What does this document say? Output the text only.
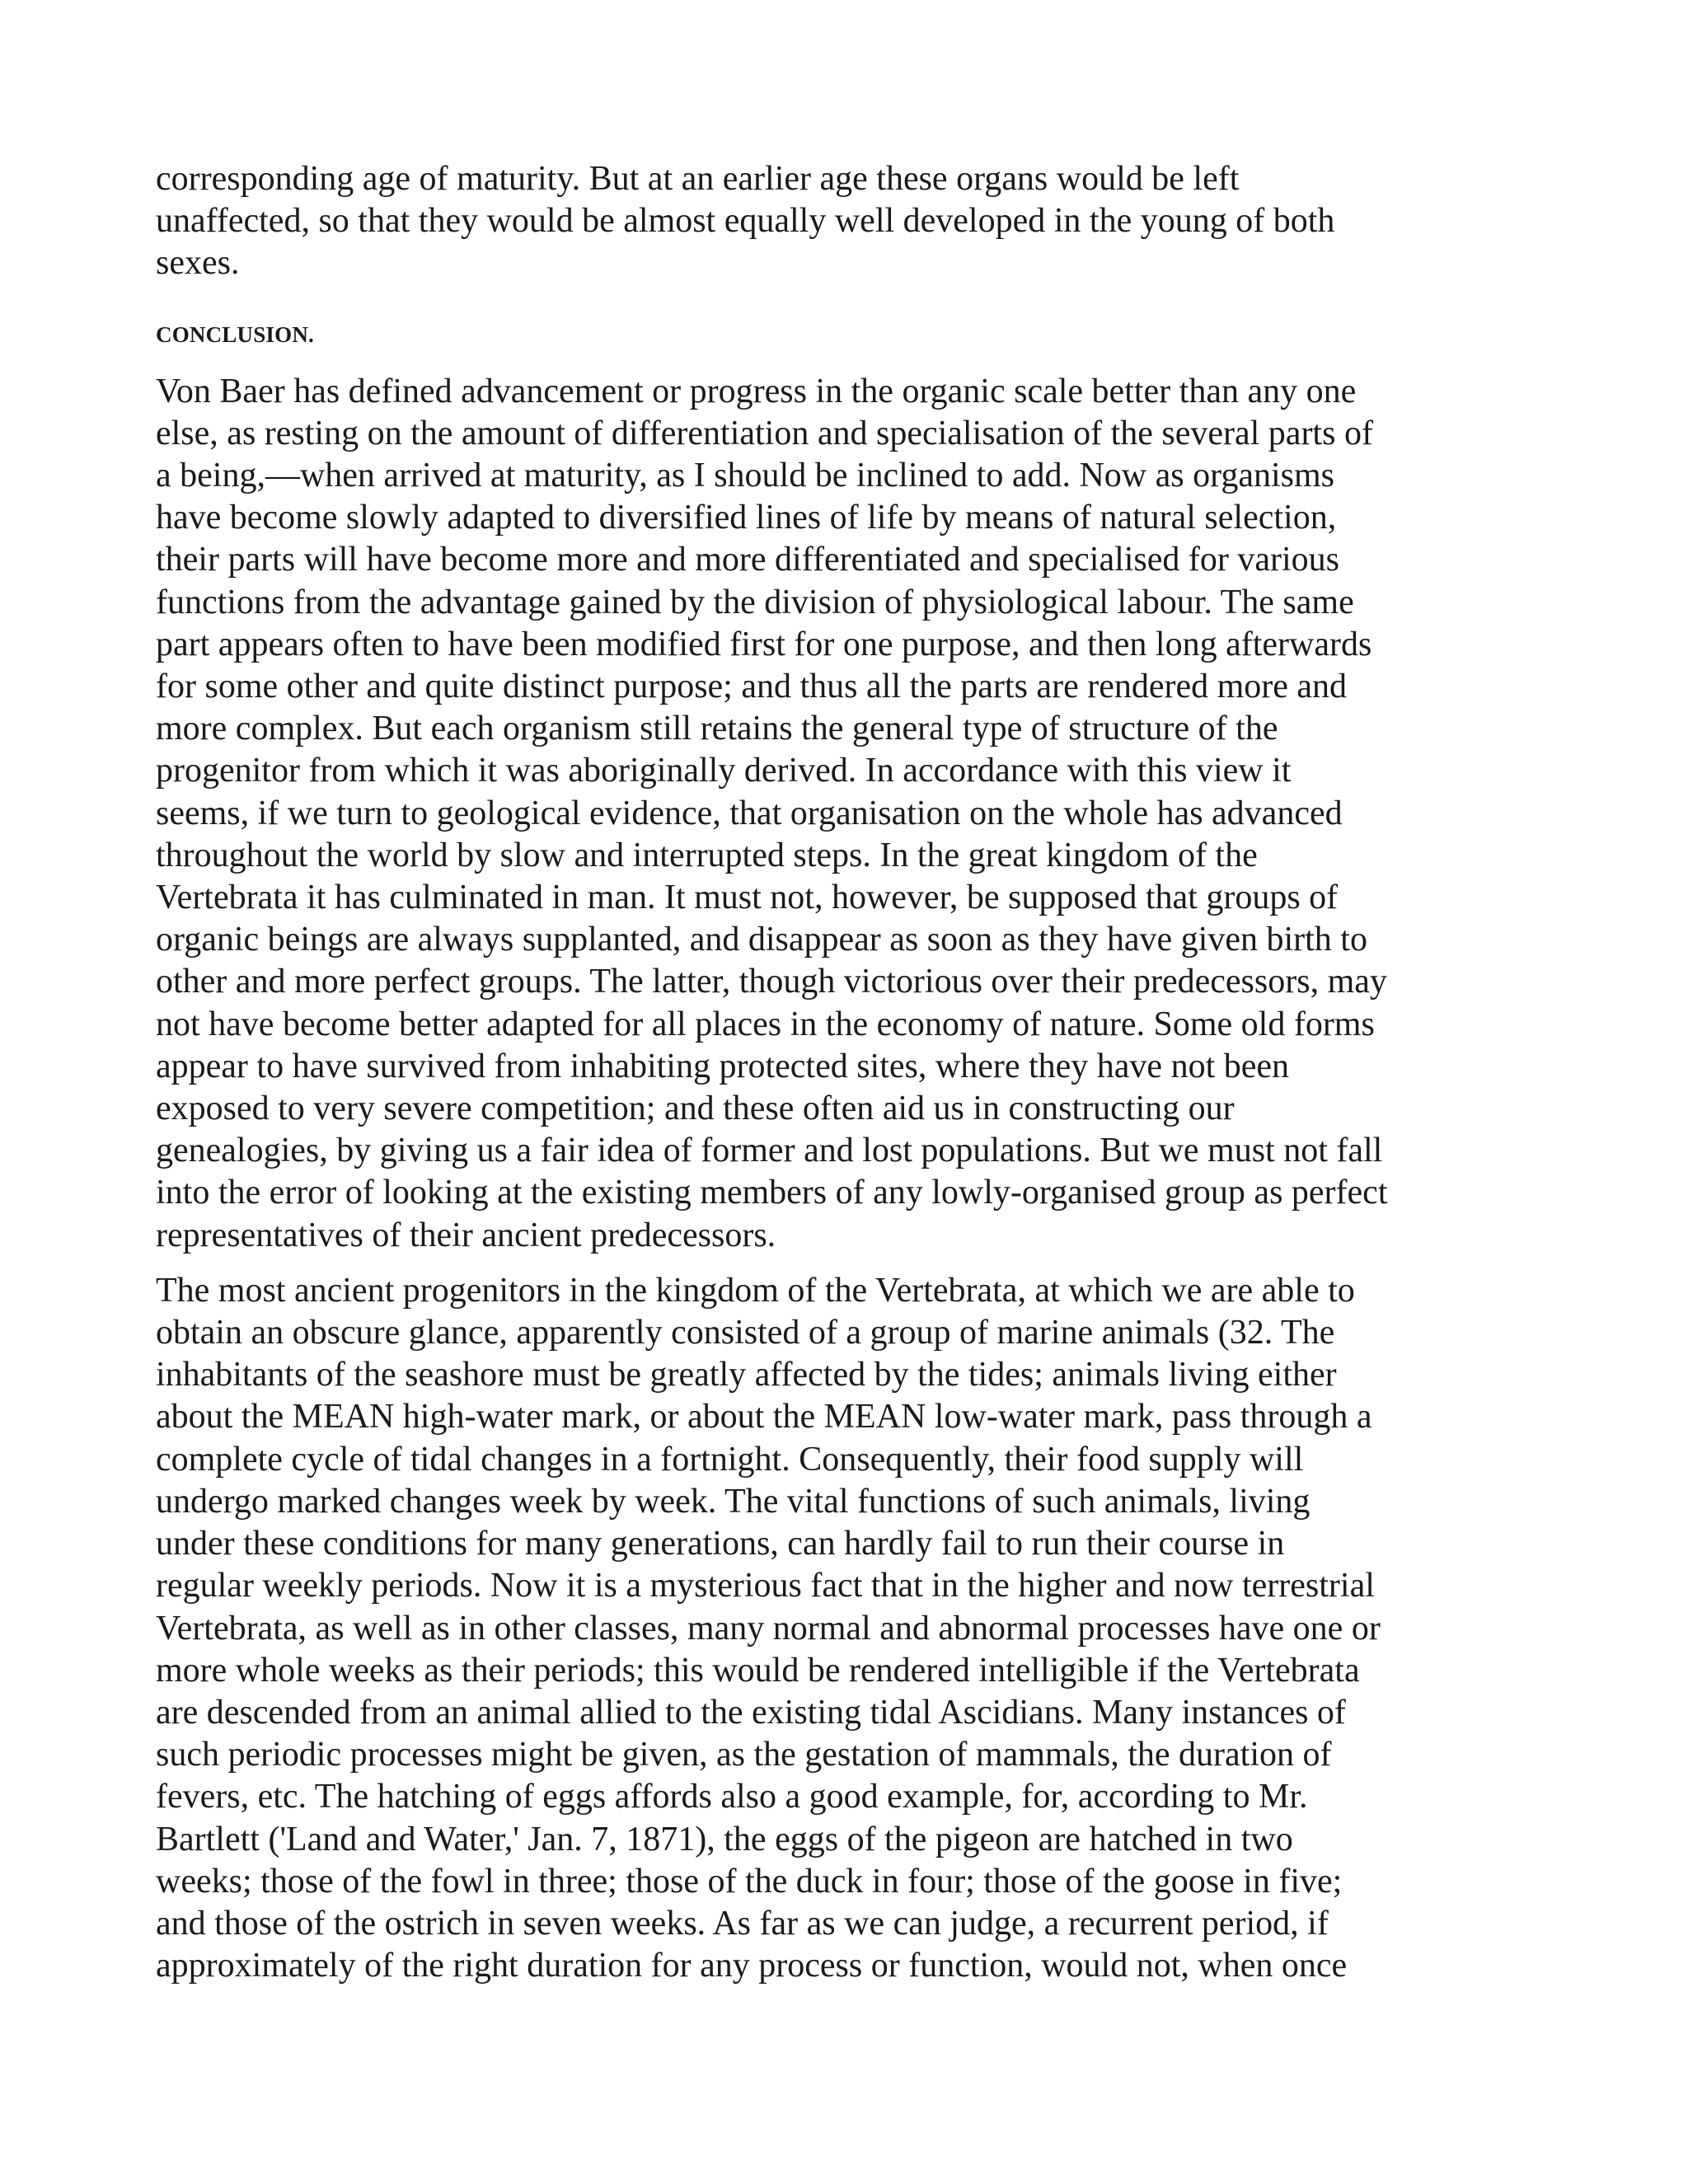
corresponding age of maturity. But at an earlier age these organs would be left
unaffected, so that they would be almost equally well developed in the young of both
sexes.

CONCLUSION.

Von Baer has defined advancement or progress in the organic scale better than any one
else, as resting on the amount of differentiation and specialisation of the several parts of
a being,—when arrived at maturity, as I should be inclined to add. Now as organisms
have become slowly adapted to diversified lines of life by means of natural selection,
their parts will have become more and more differentiated and specialised for various
functions from the advantage gained by the division of physiological labour. The same
part appears often to have been modified first for one purpose, and then long afterwards
for some other and quite distinct purpose; and thus all the parts are rendered more and
more complex. But each organism still retains the general type of structure of the
progenitor from which it was aboriginally derived. In accordance with this view it
seems, if we turn to geological evidence, that organisation on the whole has advanced
throughout the world by slow and interrupted steps. In the great kingdom of the
Vertebrata it has culminated in man. It must not, however, be supposed that groups of
organic beings are always supplanted, and disappear as soon as they have given birth to
other and more perfect groups. The latter, though victorious over their predecessors, may
not have become better adapted for all places in the economy of nature. Some old forms
appear to have survived from inhabiting protected sites, where they have not been
exposed to very severe competition; and these often aid us in constructing our
genealogies, by giving us a fair idea of former and lost populations. But we must not fall
into the error of looking at the existing members of any lowly-organised group as perfect
representatives of their ancient predecessors.

The most ancient progenitors in the kingdom of the Vertebrata, at which we are able to
obtain an obscure glance, apparently consisted of a group of marine animals (32. The
inhabitants of the seashore must be greatly affected by the tides; animals living either
about the MEAN high-water mark, or about the MEAN low-water mark, pass through a
complete cycle of tidal changes in a fortnight. Consequently, their food supply will
undergo marked changes week by week. The vital functions of such animals, living
under these conditions for many generations, can hardly fail to run their course in
regular weekly periods. Now it is a mysterious fact that in the higher and now terrestrial
Vertebrata, as well as in other classes, many normal and abnormal processes have one or
more whole weeks as their periods; this would be rendered intelligible if the Vertebrata
are descended from an animal allied to the existing tidal Ascidians. Many instances of
such periodic processes might be given, as the gestation of mammals, the duration of
fevers, etc. The hatching of eggs affords also a good example, for, according to Mr.
Bartlett ('Land and Water,' Jan. 7, 1871), the eggs of the pigeon are hatched in two
weeks; those of the fowl in three; those of the duck in four; those of the goose in five;
and those of the ostrich in seven weeks. As far as we can judge, a recurrent period, if
approximately of the right duration for any process or function, would not, when once
